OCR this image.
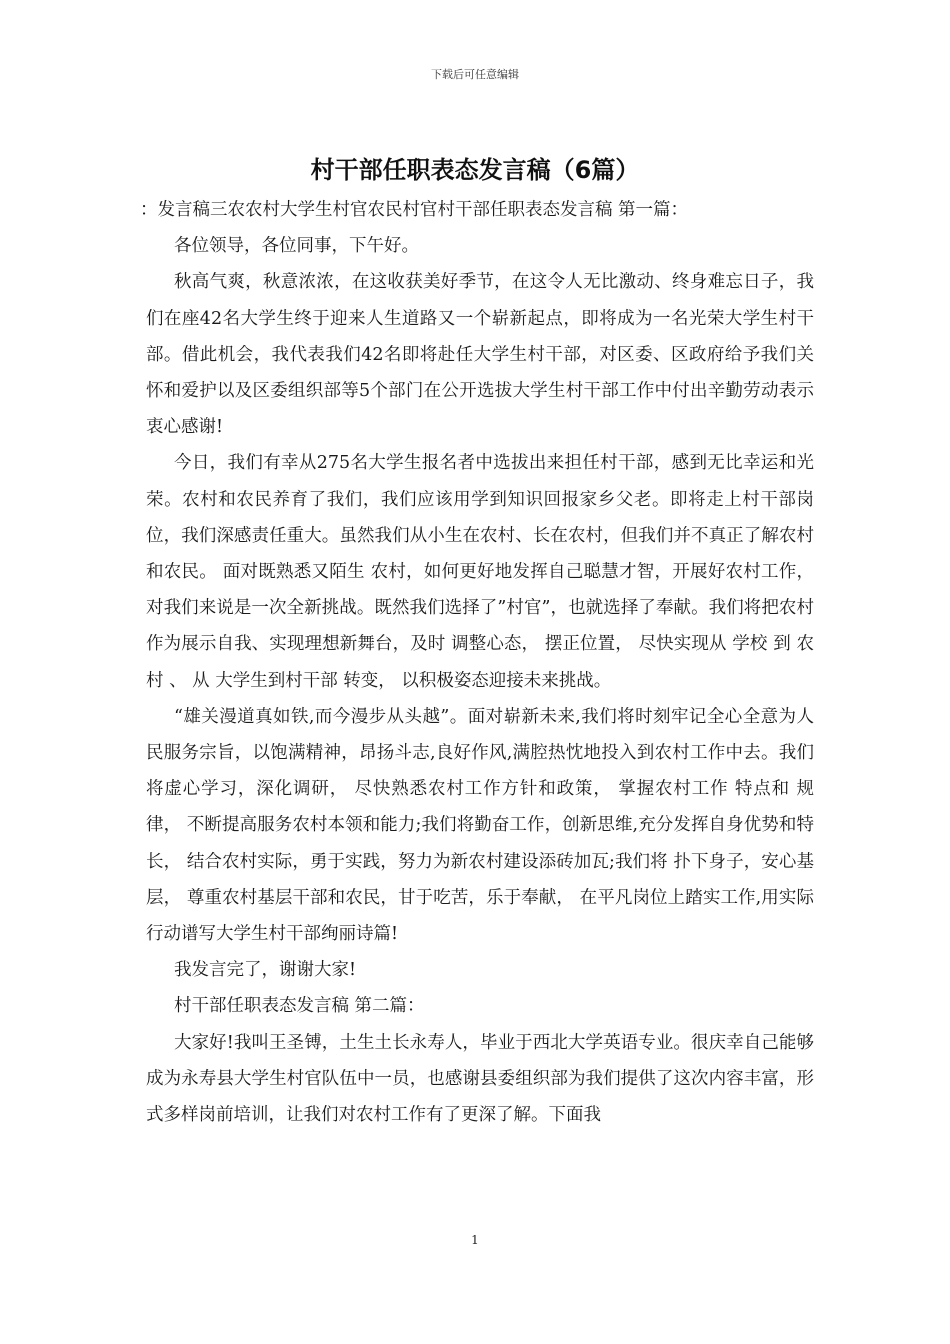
下载后可任意编辑
村干部任职表态发言稿（6篇）

：发言稿三农农村大学生村官农民村官村干部任职表态发言稿 第一篇：

各位领导，各位同事，下午好。

秋高气爽，秋意浓浓，在这收获美好季节，在这令人无比激动、终身难忘日子，我们在座42名大学生终于迎来人生道路又一个崭新起点，即将成为一名光荣大学生村干部。借此机会，我代表我们42名即将赴任大学生村干部，对区委、区政府给予我们关怀和爱护以及区委组织部等5个部门在公开选拔大学生村干部工作中付出辛勤劳动表示衷心感谢!

今日，我们有幸从275名大学生报名者中选拔出来担任村干部，感到无比幸运和光荣。农村和农民养育了我们，我们应该用学到知识回报家乡父老。即将走上村干部岗位，我们深感责任重大。虽然我们从小生在农村、长在农村，但我们并不真正了解农村和农民。 面对既熟悉又陌生 农村，如何更好地发挥自己聪慧才智，开展好农村工作，对我们来说是一次全新挑战。既然我们选择了”村官”，也就选择了奉献。我们将把农村作为展示自我、实现理想新舞台，及时 调整心态， 摆正位置， 尽快实现从 学校 到 农村 、 从 大学生到村干部 转变， 以积极姿态迎接未来挑战。

“雄关漫道真如铁,而今漫步从头越”。面对崭新未来,我们将时刻牢记全心全意为人民服务宗旨，以饱满精神，昂扬斗志,良好作风,满腔热忱地投入到农村工作中去。我们将虚心学习，深化调研， 尽快熟悉农村工作方针和政策， 掌握农村工作 特点和 规律， 不断提高服务农村本领和能力;我们将勤奋工作，创新思维,充分发挥自身优势和特长， 结合农村实际，勇于实践，努力为新农村建设添砖加瓦;我们将 扑下身子，安心基层， 尊重农村基层干部和农民，甘于吃苦，乐于奉献， 在平凡岗位上踏实工作,用实际行动谱写大学生村干部绚丽诗篇!

我发言完了，谢谢大家!

村干部任职表态发言稿 第二篇：

大家好!我叫王圣镈，土生土长永寿人，毕业于西北大学英语专业。很庆幸自己能够成为永寿县大学生村官队伍中一员，也感谢县委组织部为我们提供了这次内容丰富，形式多样岗前培训，让我们对农村工作有了更深了解。下面我

1
